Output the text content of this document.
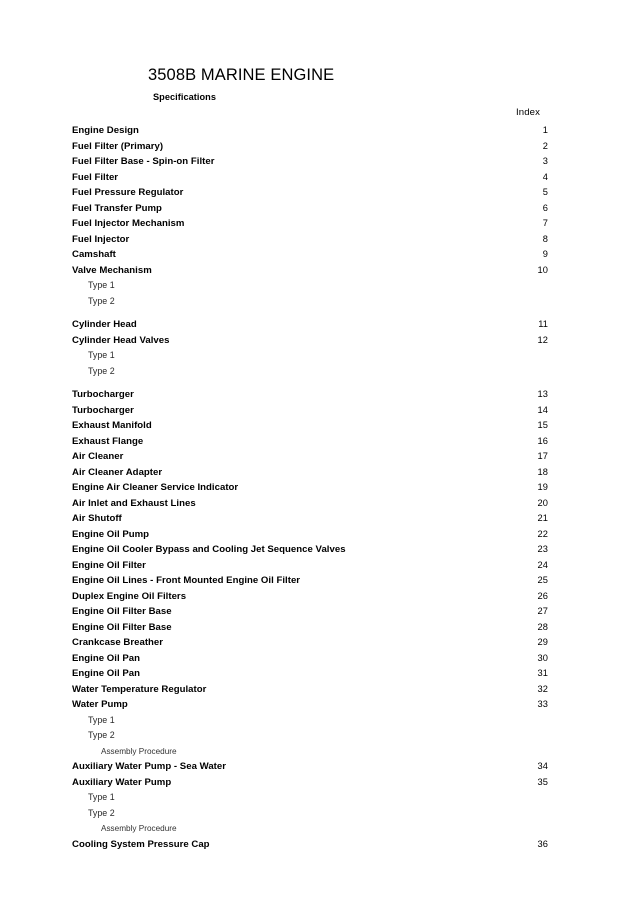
3508B MARINE ENGINE
Specifications
Index
Engine Design	1
Fuel Filter (Primary)	2
Fuel Filter Base - Spin-on Filter	3
Fuel Filter	4
Fuel Pressure Regulator	5
Fuel Transfer Pump	6
Fuel Injector Mechanism	7
Fuel Injector	8
Camshaft	9
Valve Mechanism	10
Type 1
Type 2
Cylinder Head	11
Cylinder Head Valves	12
Type 1
Type 2
Turbocharger	13
Turbocharger	14
Exhaust Manifold	15
Exhaust Flange	16
Air Cleaner	17
Air Cleaner Adapter	18
Engine Air Cleaner Service Indicator	19
Air Inlet and Exhaust Lines	20
Air Shutoff	21
Engine Oil Pump	22
Engine Oil Cooler Bypass and Cooling Jet Sequence Valves	23
Engine Oil Filter	24
Engine Oil Lines - Front Mounted Engine Oil Filter	25
Duplex Engine Oil Filters	26
Engine Oil Filter Base	27
Engine Oil Filter Base	28
Crankcase Breather	29
Engine Oil Pan	30
Engine Oil Pan	31
Water Temperature Regulator	32
Water Pump	33
Type 1
Type 2
Assembly Procedure
Auxiliary Water Pump - Sea Water	34
Auxiliary Water Pump	35
Type 1
Type 2
Assembly Procedure
Cooling System Pressure Cap	36
